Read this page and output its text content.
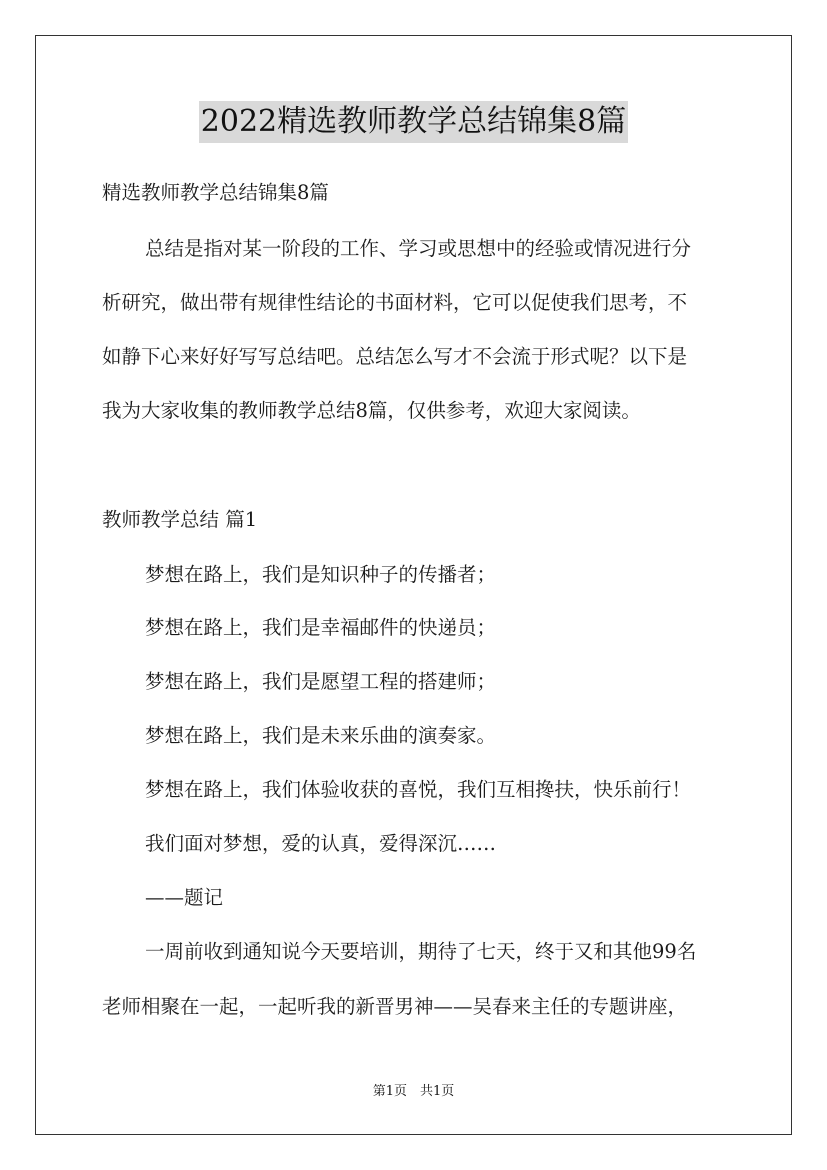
2022精选教师教学总结锦集8篇
精选教师教学总结锦集8篇
总结是指对某一阶段的工作、学习或思想中的经验或情况进行分
析研究，做出带有规律性结论的书面材料，它可以促使我们思考，不
如静下心来好好写写总结吧。总结怎么写才不会流于形式呢？以下是
我为大家收集的教师教学总结8篇，仅供参考，欢迎大家阅读。
教师教学总结 篇1
梦想在路上，我们是知识种子的传播者；
梦想在路上，我们是幸福邮件的快递员；
梦想在路上，我们是愿望工程的搭建师；
梦想在路上，我们是未来乐曲的演奏家。
梦想在路上，我们体验收获的喜悦，我们互相搀扶，快乐前行！
我们面对梦想，爱的认真，爱得深沉……
——题记
一周前收到通知说今天要培训，期待了七天，终于又和其他99名
老师相聚在一起，一起听我的新晋男神——吴春来主任的专题讲座，
第1页　共1页
